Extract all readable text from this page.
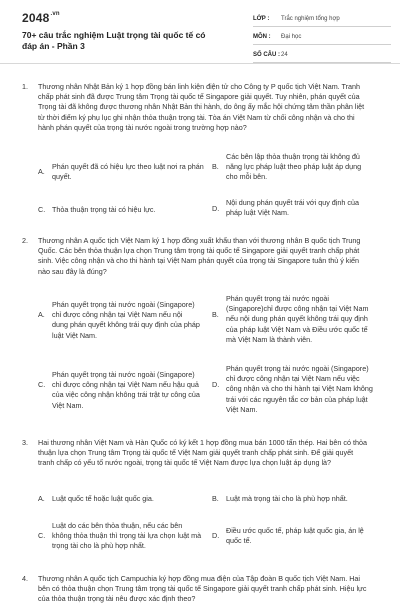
$2048^{.vn}$
70+ câu trắc nghiệm Luật trọng tài quốc tế có đáp án - Phần 3
LỚP :	Trắc nghiệm tổng hợp
MÔN :	Đại học
SỐ CÂU : 24
1. Thương nhân Nhật Bản ký 1 hợp đồng bán linh kiện điện tử cho Công ty P quốc tịch Việt Nam. Tranh chấp phát sinh đã được Trung tâm Trọng tài quốc tế Singapore giải quyết. Tuy nhiên, phán quyết của Trọng tài đã không được thương nhân Nhật Bản thi hành, do ông ấy mắc hội chứng tâm thần phân liệt từ thời điểm ký phụ lục ghi nhận thỏa thuận trọng tài. Tòa án Việt Nam từ chối công nhận và cho thi hành phán quyết của trọng tài nước ngoài trong trường hợp nào?
A.
Phán quyết đã có hiệu lực theo luật nơi ra phán quyết.
B.
Các bên lập thỏa thuận trọng tài không đủ năng lực pháp luật theo pháp luật áp dụng cho mỗi bên.
C. Thỏa thuận trọng tài có hiệu lực.	D.
Nội dung phán quyết trái với quy định của pháp luật Việt Nam.
2. Thương nhân A quốc tịch Việt Nam ký 1 hợp đồng xuất khẩu than với thương nhân B quốc tịch Trung Quốc. Các bên thỏa thuận lựa chọn Trung tâm trọng tài quốc tế Singapore giải quyết tranh chấp phát sinh. Việc công nhận và cho thi hành tại Việt Nam phán quyết của trọng tài Singapore tuân thủ ý kiến nào sau đây là đúng?
A.
Phán quyết trọng tài nước ngoài (Singapore) chỉ được công nhận tại Việt Nam nếu nội dung phán quyết không trái quy định của pháp luật Việt Nam.
B.
Phán quyết trọng tài nước ngoài (Singapore)chỉ được công nhận tại Việt Nam nếu nội dung phán quyết không trái quy định của pháp luật Việt Nam và Điều ước quốc tế mà Việt Nam là thành viên.
C.
Phán quyết trọng tài nước ngoài (Singapore) chỉ được công nhận tại Việt Nam nếu hậu quả của việc công nhận không trái trật tự công của Việt Nam.
D.
Phán quyết trọng tài nước ngoài (Singapore) chỉ được công nhận tại Việt Nam nếu việc công nhận và cho thi hành tại Việt Nam không trái với các nguyên tắc cơ bản của pháp luật Việt Nam.
3. Hai thương nhân Việt Nam và Hàn Quốc có ký kết 1 hợp đồng mua bán 1000 tấn thép. Hai bên có thỏa thuận lựa chọn Trung tâm Trọng tài quốc tế Việt Nam giải quyết tranh chấp phát sinh. Để giải quyết tranh chấp có yếu tố nước ngoài, trọng tài quốc tế Việt Nam được lựa chọn luật áp dụng là?
A. Luật quốc tế hoặc luật quốc gia.	B. Luật mà trọng tài cho là phù hợp nhất.
C.
Luật do các bên thỏa thuận, nếu các bên không thỏa thuận thì trọng tài lựa chọn luật mà trọng tài cho là phù hợp nhất.
D.
Điều ước quốc tế, pháp luật quốc gia, án lệ quốc tế.
4. Thương nhân A quốc tịch Campuchia ký hợp đồng mua điện của Tập đoàn B quốc tịch Việt Nam. Hai bên có thỏa thuận chọn Trung tâm trọng tài quốc tế Singapore giải quyết tranh chấp phát sinh. Hiệu lực của thỏa thuận trọng tài nêu được xác định theo?
